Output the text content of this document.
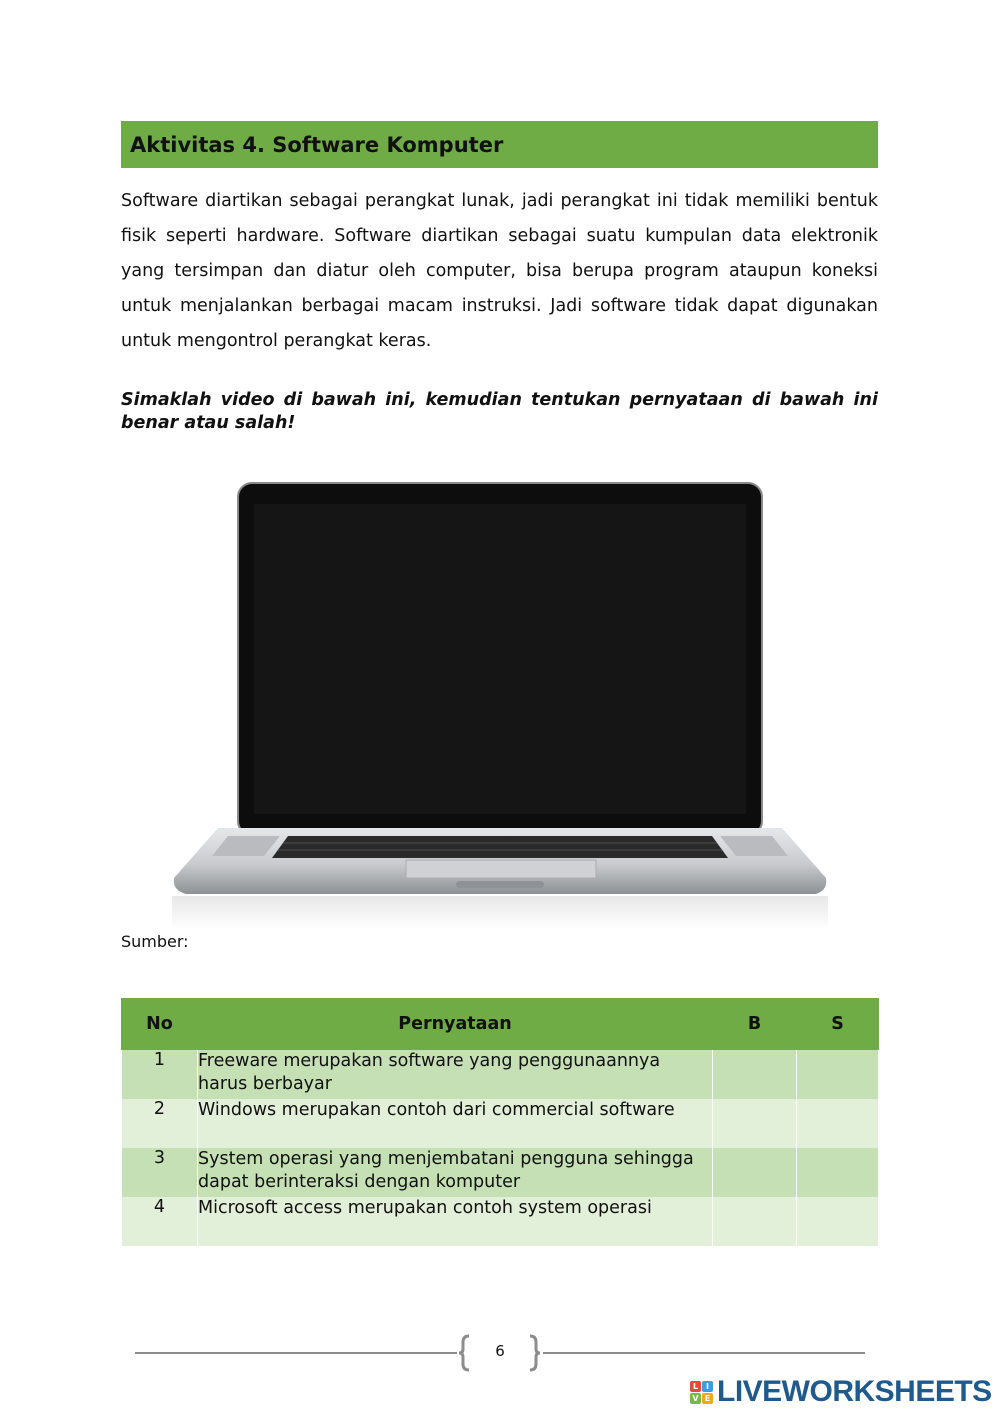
Aktivitas 4. Software Komputer

Software diartikan sebagai perangkat lunak, jadi perangkat ini tidak memiliki bentuk fisik seperti hardware. Software diartikan sebagai suatu kumpulan data elektronik yang tersimpan dan diatur oleh computer, bisa berupa program ataupun koneksi untuk menjalankan berbagai macam instruksi. Jadi software tidak dapat digunakan untuk mengontrol perangkat keras.

Simaklah video di bawah ini, kemudian tentukan pernyataan di bawah ini benar atau salah!

Sumber:
No	Pernyataan	B	S
1	Freeware merupakan software yang penggunaannya harus berbayar		
2	Windows merupakan contoh dari commercial software		
3	System operasi yang menjembatani pengguna sehingga dapat berinteraksi dengan komputer		
4	Microsoft access merupakan contoh system operasi		
6
L I
V E LIVEWORKSHEETS
